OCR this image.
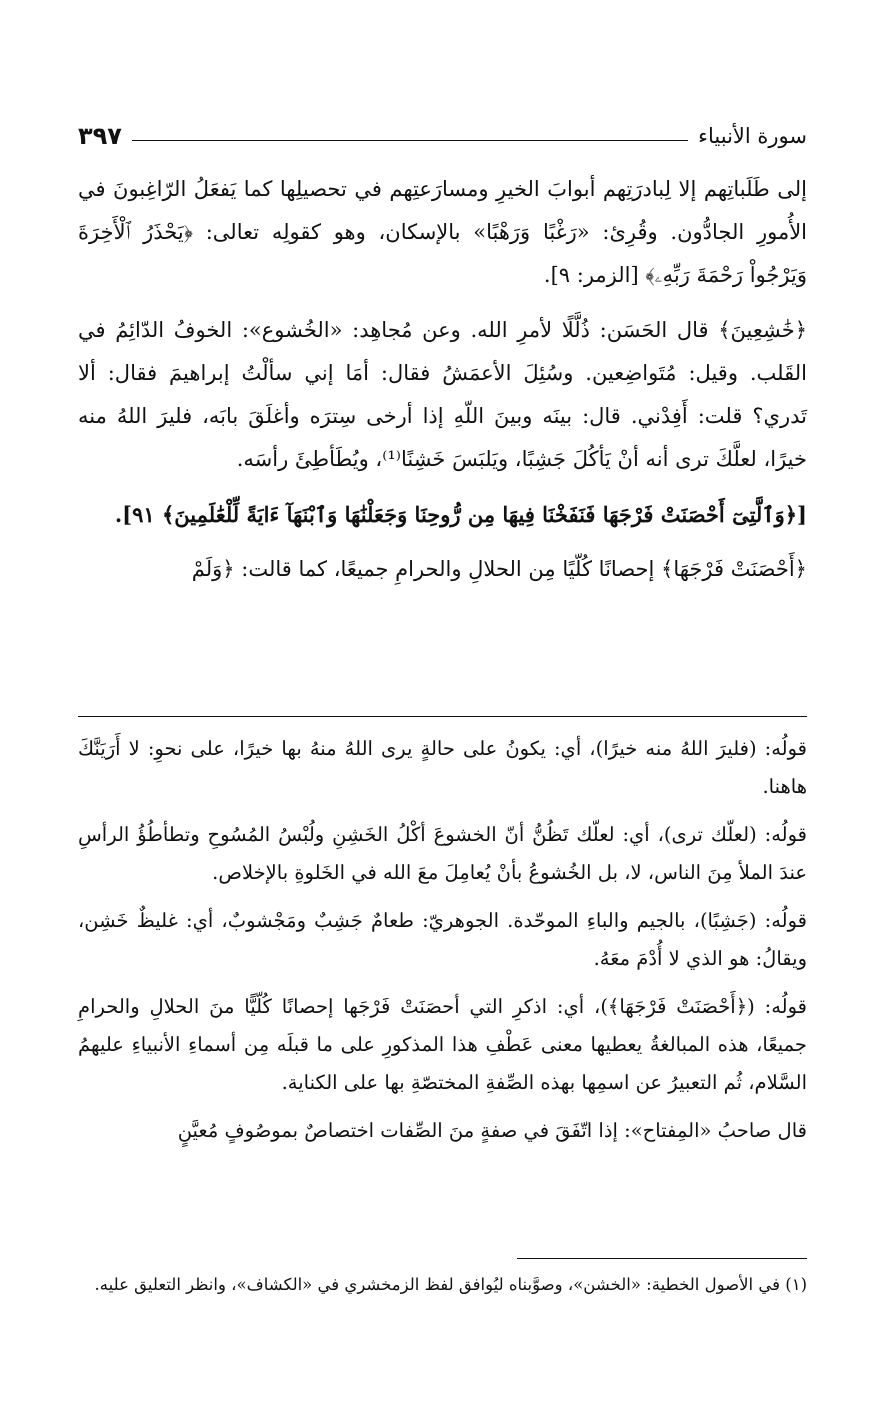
سورة الأنبياء
٣٩٧

إلى طَلَباتِهم إلا لِبادرَتِهم أبوابَ الخيرِ ومسارَعتِهم في تحصيلِها كما يَفعَلُ الرّاغِبونَ في الأُمورِ الجادُّون. وقُرِئ: «رَغْبًا وَرَهْبًا» بالإسكان، وهو كقولِه تعالى: ﴿يَحْذَرُ ٱلْأَخِرَةَ وَيَرْجُواْ رَحْمَةَ رَبِّهِۦ﴾ [الزمر: ٩].

﴿خَٰشِعِينَ﴾ قال الحَسَن: ذُلَّلًا لأمرِ الله. وعن مُجاهِد: «الخُشوع»: الخوفُ الدّائِمُ في القَلب. وقيل: مُتَواضِعين. وسُئِلَ الأعمَشُ فقال: أمَا إني سألْتُ إبراهيمَ فقال: ألا تَدري؟ قلت: أَفِدْني. قال: بينَه وبينَ اللّهِ إذا أرخى سِترَه وأغلَقَ بابَه، فليرَ اللهُ منه خيرًا، لعلَّكَ ترى أنه أنْ يَأكُلَ جَشِبًا، ويَلبَسَ خَشِنًا⁽¹⁾، ويُطَأطِئَ رأسَه.

[﴿وَٱلَّتِىٓ أَحْصَنَتْ فَرْجَهَا فَنَفَخْنَا فِيهَا مِن رُّوحِنَا وَجَعَلْنَٰهَا وَٱبْنَهَآ ءَايَةً لِّلْعَٰلَمِينَ﴾ ٩١].

﴿أَحْصَنَتْ فَرْجَهَا﴾ إحصانًا كُلّيًا مِن الحلالِ والحرامِ جميعًا، كما قالت: ﴿وَلَمْ

قولُه: (فليرَ اللهُ منه خيرًا)، أي: يكونُ على حالةٍ يرى اللهُ منهُ بها خيرًا، على نحوِ: لا أَرَيَنَّكَ هاهنا.

قولُه: (لعلّك ترى)، أي: لعلّك تَظُنُّ أنّ الخشوعَ أكْلُ الخَشِنِ ولُبْسُ المُسُوحِ وتطأطُؤُ الرأسِ عندَ الملأ مِنَ الناس، لا، بل الخُشوعُ بأنْ يُعامِلَ معَ الله في الخَلوةِ بالإخلاص.

قولُه: (جَشِبًا)، بالجيم والباءِ الموحّدة. الجوهريّ: طعامٌ جَشِبٌ ومَجْشوبٌ، أي: غليظٌ خَشِن، ويقالُ: هو الذي لا أُدْمَ معَهُ.

قولُه: (﴿أَحْصَنَتْ فَرْجَهَا﴾)، أي: اذكرِ التي أحصَنَتْ فَرْجَها إحصانًا كُلّيًّا منَ الحلالِ والحرامِ جميعًا، هذه المبالغةُ يعطيها معنى عَطْفِ هذا المذكورِ على ما قبلَه مِن أسماءِ الأنبياءِ عليهمُ السَّلام، ثُم التعبيرُ عن اسمِها بهذه الصِّفةِ المختصّةِ بها على الكناية.

قال صاحبُ «المِفتاح»: إذا اتّفَقَ في صفةٍ منَ الصِّفات اختصاصٌ بموصُوفٍ مُعيَّنٍ

(١) في الأصول الخطية: «الخشن»، وصوَّبناه ليُوافق لفظ الزمخشري في «الكشاف»، وانظر التعليق عليه.
